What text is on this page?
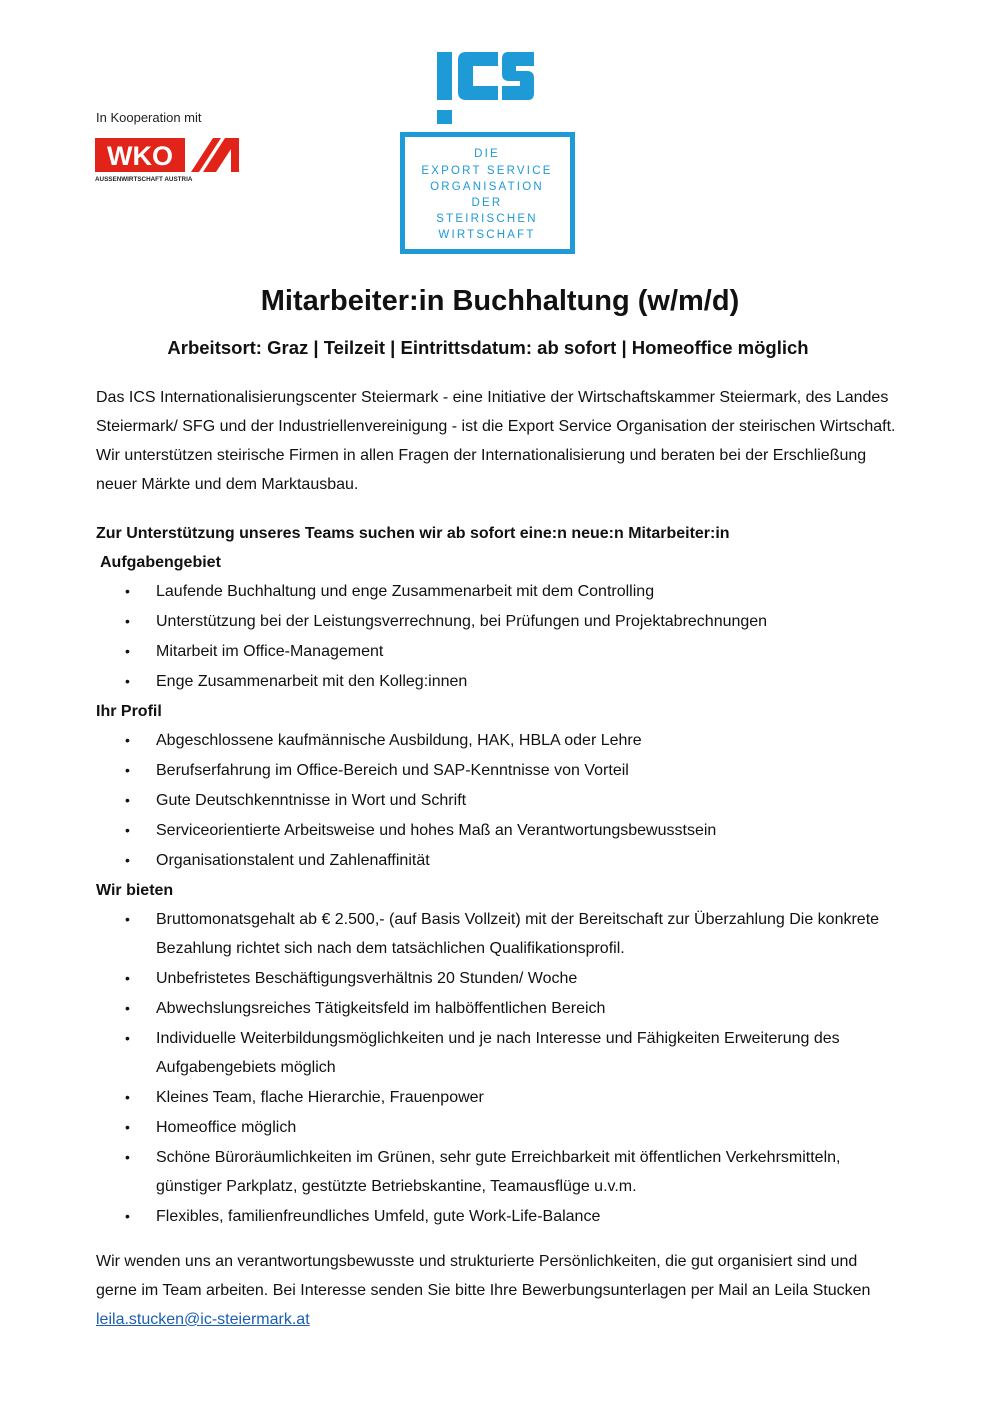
In Kooperation mit
WKO
AUSSENWIRTSCHAFT AUSTRIA
DIE
EXPORT SERVICE
ORGANISATION
DER
STEIRISCHEN
WIRTSCHAFT
Mitarbeiter:in Buchhaltung (w/m/d)
Arbeitsort: Graz | Teilzeit | Eintrittsdatum: ab sofort | Homeoffice möglich

Das ICS Internationalisierungscenter Steiermark - eine Initiative der Wirtschaftskammer Steiermark, des Landes Steiermark/ SFG und der Industriellenvereinigung - ist die Export Service Organisation der steirischen Wirtschaft. Wir unterstützen steirische Firmen in allen Fragen der Internationalisierung und beraten bei der Erschließung neuer Märkte und dem Marktausbau.

Zur Unterstützung unseres Teams suchen wir ab sofort eine:n neue:n Mitarbeiter:in

Aufgabengebiet

• Laufende Buchhaltung und enge Zusammenarbeit mit dem Controlling
• Unterstützung bei der Leistungsverrechnung, bei Prüfungen und Projektabrechnungen
• Mitarbeit im Office-Management
• Enge Zusammenarbeit mit den Kolleg:innen

Ihr Profil

• Abgeschlossene kaufmännische Ausbildung, HAK, HBLA oder Lehre
• Berufserfahrung im Office-Bereich und SAP-Kenntnisse von Vorteil
• Gute Deutschkenntnisse in Wort und Schrift
• Serviceorientierte Arbeitsweise und hohes Maß an Verantwortungsbewusstsein
• Organisationstalent und Zahlenaffinität

Wir bieten

• Bruttomonatsgehalt ab € 2.500,- (auf Basis Vollzeit) mit der Bereitschaft zur Überzahlung Die konkrete Bezahlung richtet sich nach dem tatsächlichen Qualifikationsprofil.
• Unbefristetes Beschäftigungsverhältnis 20 Stunden/ Woche
• Abwechslungsreiches Tätigkeitsfeld im halböffentlichen Bereich
• Individuelle Weiterbildungsmöglichkeiten und je nach Interesse und Fähigkeiten Erweiterung des Aufgabengebiets möglich
• Kleines Team, flache Hierarchie, Frauenpower
• Homeoffice möglich
• Schöne Büroräumlichkeiten im Grünen, sehr gute Erreichbarkeit mit öffentlichen Verkehrsmitteln, günstiger Parkplatz, gestützte Betriebskantine, Teamausflüge u.v.m.
• Flexibles, familienfreundliches Umfeld, gute Work-Life-Balance

Wir wenden uns an verantwortungsbewusste und strukturierte Persönlichkeiten, die gut organisiert sind und gerne im Team arbeiten. Bei Interesse senden Sie bitte Ihre Bewerbungsunterlagen per Mail an Leila Stucken leila.stucken@ic-steiermark.at
